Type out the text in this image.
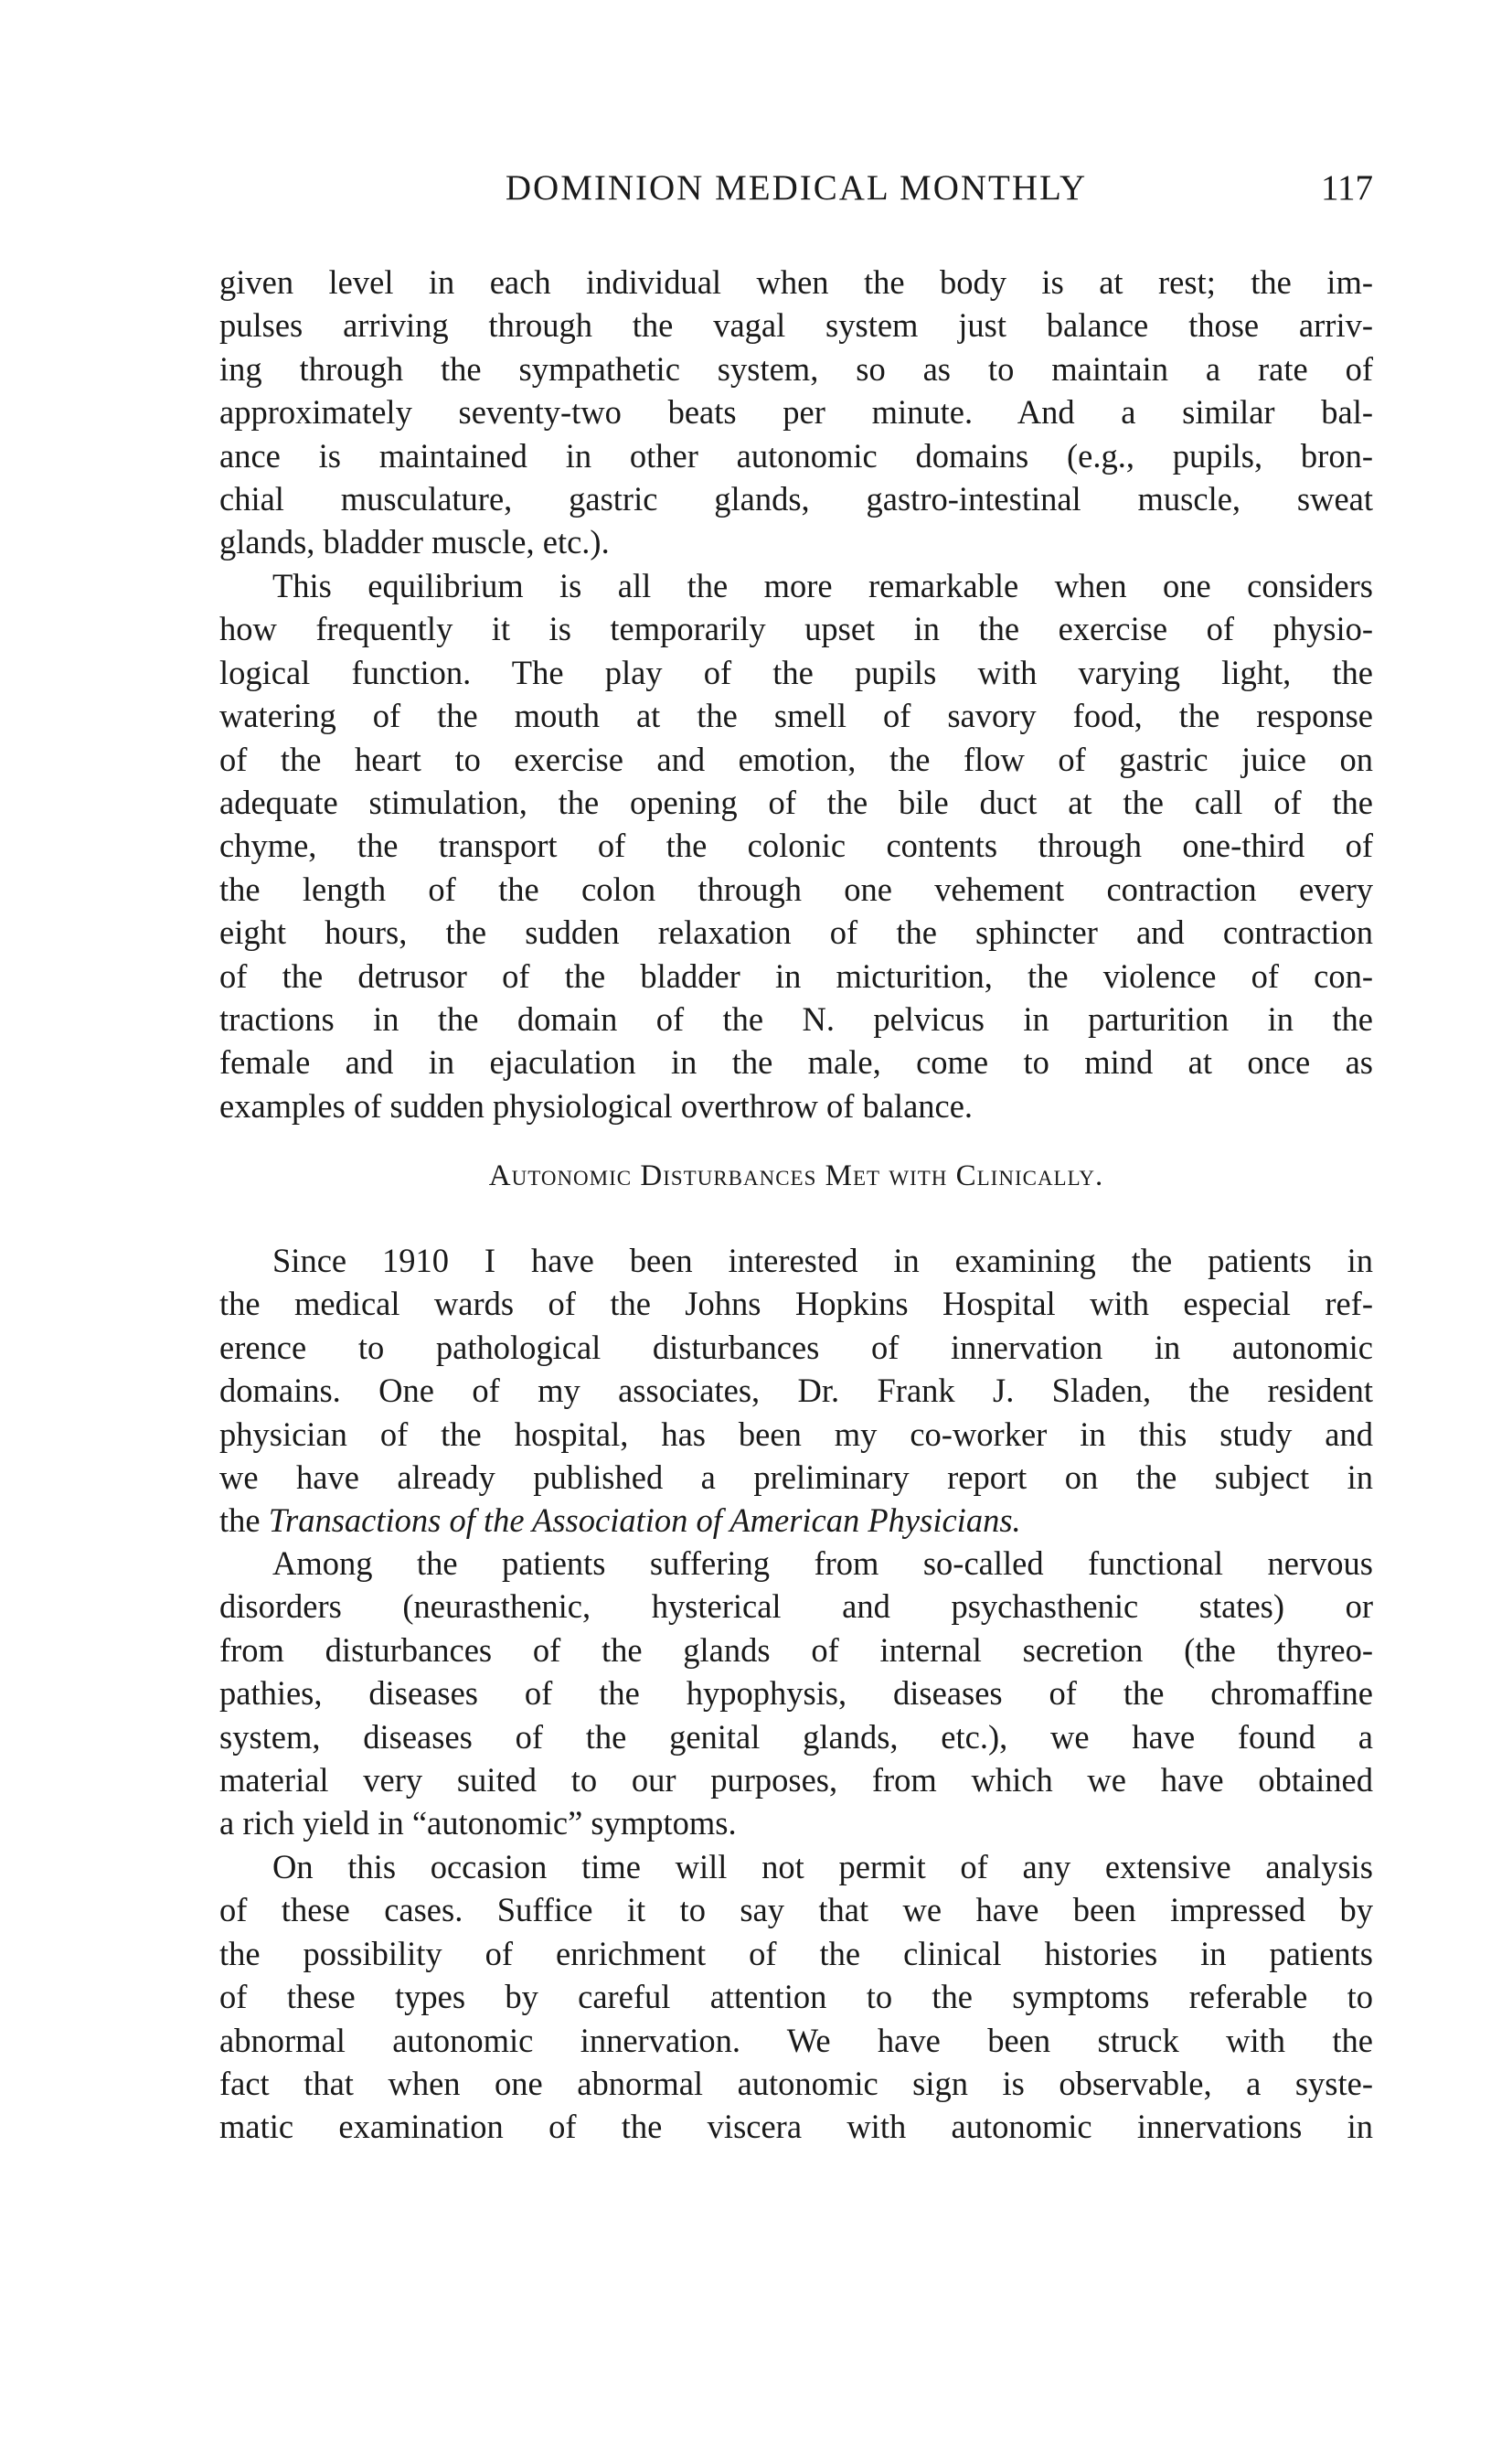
DOMINION MEDICAL MONTHLY	117
given level in each individual when the body is at rest; the im-
pulses arriving through the vagal system just balance those arriv-
ing through the sympathetic system, so as to maintain a rate of
approximately seventy-two beats per minute. And a similar bal-
ance is maintained in other autonomic domains (e.g., pupils, bron-
chial musculature, gastric glands, gastro-intestinal muscle, sweat
glands, bladder muscle, etc.).
This equilibrium is all the more remarkable when one considers
how frequently it is temporarily upset in the exercise of physio-
logical function. The play of the pupils with varying light, the
watering of the mouth at the smell of savory food, the response
of the heart to exercise and emotion, the flow of gastric juice on
adequate stimulation, the opening of the bile duct at the call of the
chyme, the transport of the colonic contents through one-third of
the length of the colon through one vehement contraction every
eight hours, the sudden relaxation of the sphincter and contraction
of the detrusor of the bladder in micturition, the violence of con-
tractions in the domain of the N. pelvicus in parturition in the
female and in ejaculation in the male, come to mind at once as
examples of sudden physiological overthrow of balance.
Autonomic Disturbances Met with Clinically.
Since 1910 I have been interested in examining the patients in
the medical wards of the Johns Hopkins Hospital with especial ref-
erence to pathological disturbances of innervation in autonomic
domains. One of my associates, Dr. Frank J. Sladen, the resident
physician of the hospital, has been my co-worker in this study and
we have already published a preliminary report on the subject in
the Transactions of the Association of American Physicians.
Among the patients suffering from so-called functional nervous
disorders (neurasthenic, hysterical and psychasthenic states) or
from disturbances of the glands of internal secretion (the thyreo-
pathies, diseases of the hypophysis, diseases of the chromaffine
system, diseases of the genital glands, etc.), we have found a
material very suited to our purposes, from which we have obtained
a rich yield in “autonomic” symptoms.
On this occasion time will not permit of any extensive analysis
of these cases. Suffice it to say that we have been impressed by
the possibility of enrichment of the clinical histories in patients
of these types by careful attention to the symptoms referable to
abnormal autonomic innervation. We have been struck with the
fact that when one abnormal autonomic sign is observable, a syste-
matic examination of the viscera with autonomic innervations in
